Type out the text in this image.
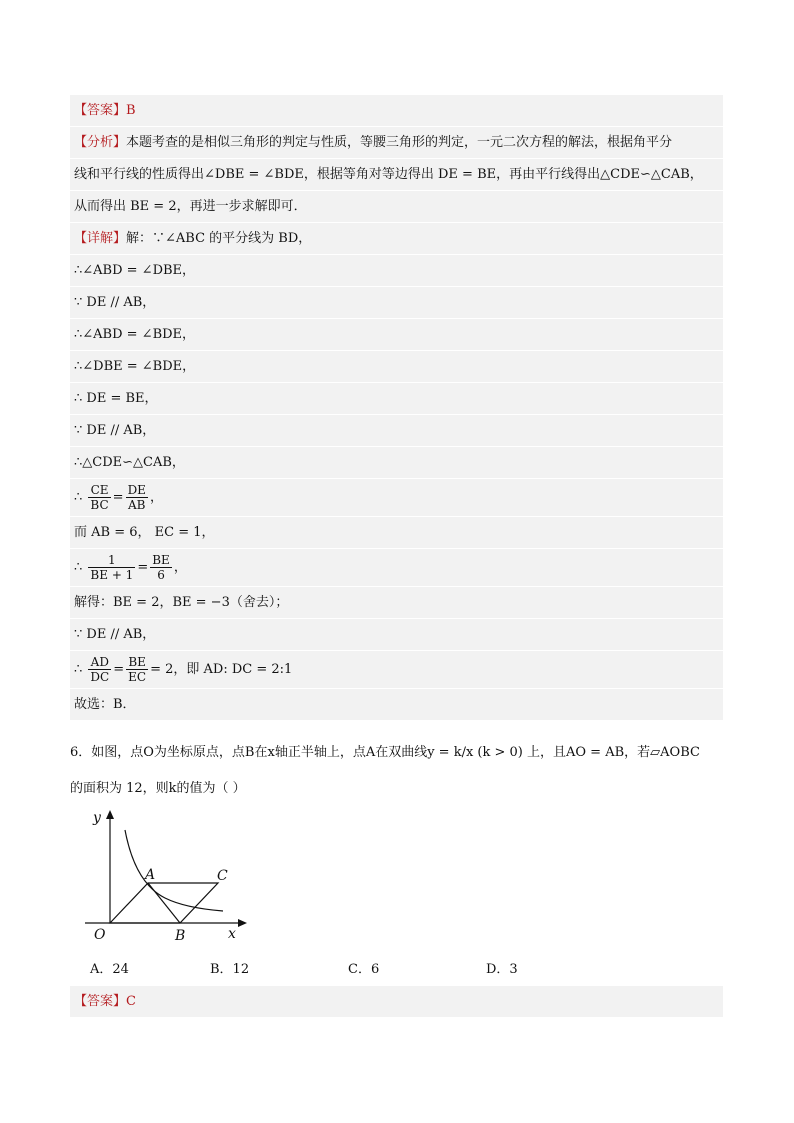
【答案】B
【分析】本题考查的是相似三角形的判定与性质，等腰三角形的判定，一元二次方程的解法，根据角平分
线和平行线的性质得出∠DBE = ∠BDE，根据等角对等边得出 DE = BE，再由平行线得出△CDE∽△CAB，
从而得出 BE = 2，再进一步求解即可．
【详解】解：∵∠ABC 的平分线为 BD，
∴∠ABD = ∠DBE，
∵ DE // AB，
∴∠ABD = ∠BDE，
∴∠DBE = ∠BDE，
∴ DE = BE，
∵ DE // AB，
∴△CDE∽△CAB，
∴ $\frac{CE}{BC} = \frac{DE}{AB}$ ，
而 AB = 6， EC = 1，
∴ $\frac{1}{BE + 1} = \frac{BE}{6}$ ，
解得：BE = 2，BE = −3（舍去）；
∵ DE // AB，
∴ $\frac{AD}{DC} = \frac{BE}{EC} = 2$，即 AD: DC = 2:1
故选：B．
6．如图，点O为坐标原点，点B在x轴正半轴上，点A在双曲线y = k/x (k > 0) 上，且AO = AB，若▱AOBC
的面积为 12，则k的值为（ ）
y
x
O
A
B
C
A．24	B．12	C．6	D．3
【答案】C
